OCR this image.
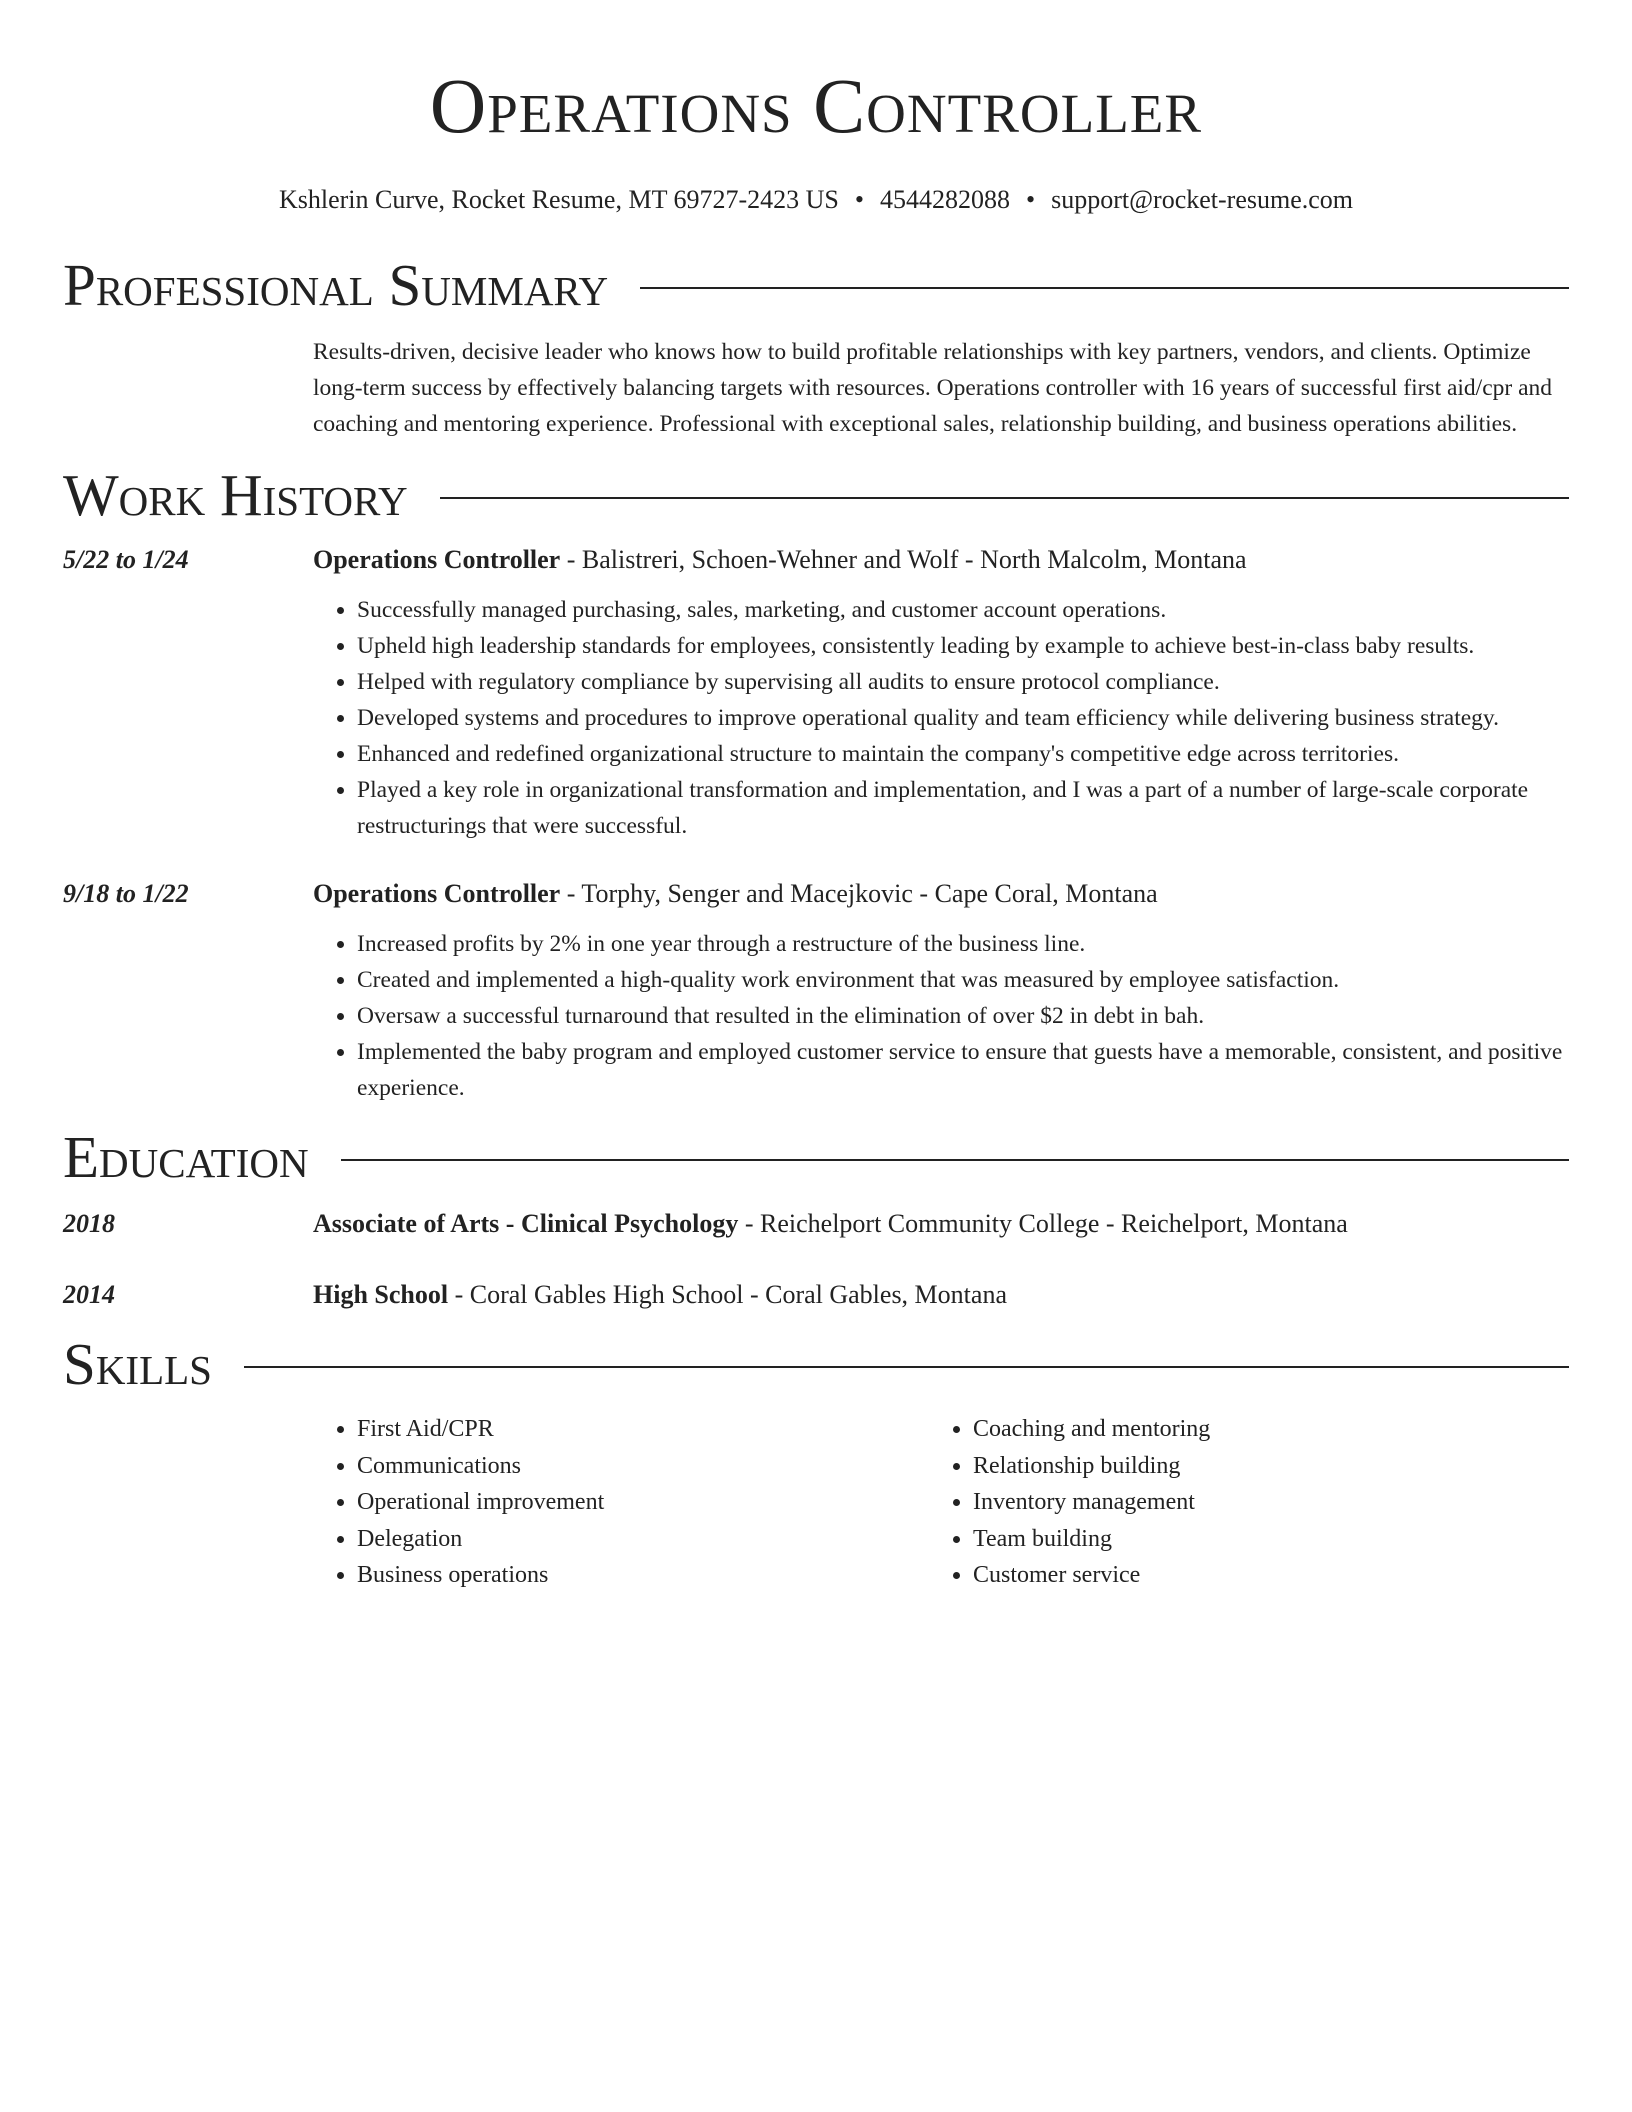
Operations Controller
Kshlerin Curve, Rocket Resume, MT 69727-2423 US • 4544282088 • support@rocket-resume.com
Professional Summary

Results-driven, decisive leader who knows how to build profitable relationships with key partners, vendors, and clients. Optimize long-term success by effectively balancing targets with resources. Operations controller with 16 years of successful first aid/cpr and coaching and mentoring experience. Professional with exceptional sales, relationship building, and business operations abilities.

Work History
5/22 to 1/24	Operations Controller - Balistreri, Schoen-Wehner and Wolf - North Malcolm, Montana
• Successfully managed purchasing, sales, marketing, and customer account operations.
• Upheld high leadership standards for employees, consistently leading by example to achieve best-in-class baby results.
• Helped with regulatory compliance by supervising all audits to ensure protocol compliance.
• Developed systems and procedures to improve operational quality and team efficiency while delivering business strategy.
• Enhanced and redefined organizational structure to maintain the company's competitive edge across territories.
• Played a key role in organizational transformation and implementation, and I was a part of a number of large-scale corporate restructurings that were successful.
9/18 to 1/22	Operations Controller - Torphy, Senger and Macejkovic - Cape Coral, Montana
• Increased profits by 2% in one year through a restructure of the business line.
• Created and implemented a high-quality work environment that was measured by employee satisfaction.
• Oversaw a successful turnaround that resulted in the elimination of over $2 in debt in bah.
• Implemented the baby program and employed customer service to ensure that guests have a memorable, consistent, and positive experience.
Education
2018	Associate of Arts - Clinical Psychology - Reichelport Community College - Reichelport, Montana
2014	High School - Coral Gables High School - Coral Gables, Montana
Skills
• First Aid/CPR
• Communications
• Operational improvement
• Delegation
• Business operations
• Coaching and mentoring
• Relationship building
• Inventory management
• Team building
• Customer service
